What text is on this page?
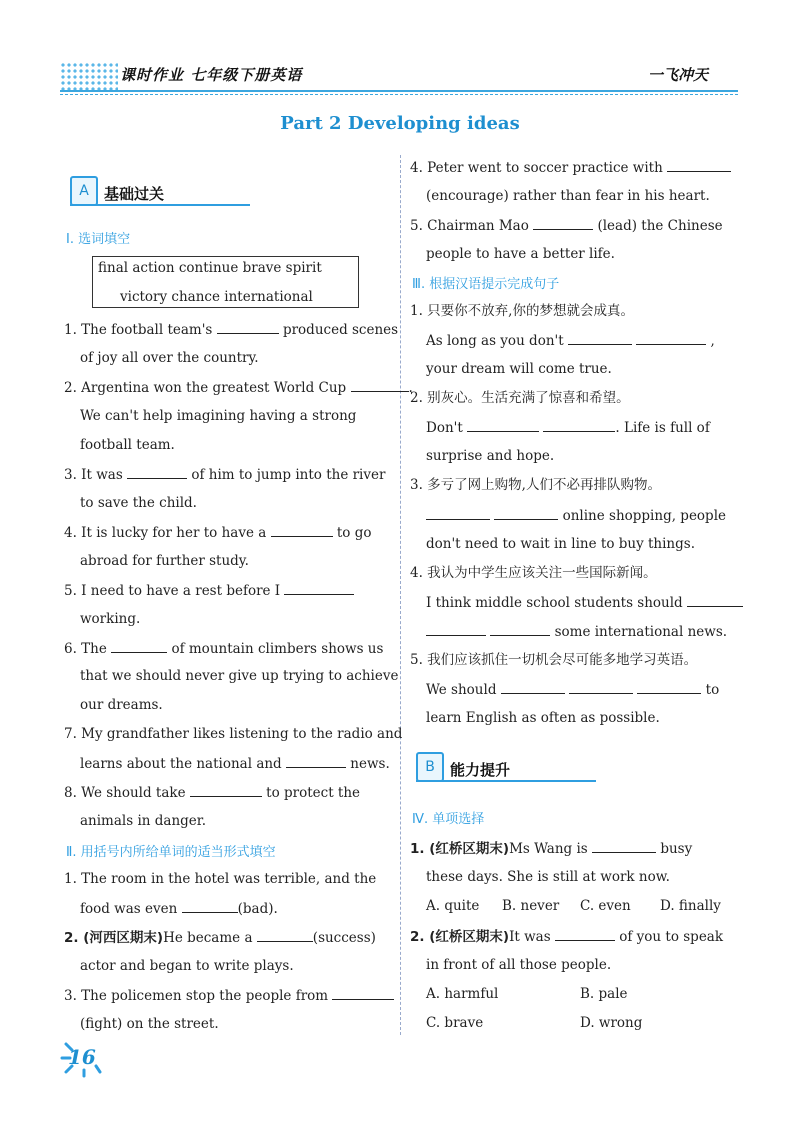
课时作业 七年级下册英语	一飞冲天
Part 2 Developing ideas
A	基础过关
Ⅰ. 选词填空
final action continue brave spirit
victory chance international
1. The football team's	produced scenes
of joy all over the country.
2. Argentina won the greatest World Cup	.
We can't help imagining having a strong
football team.
3. It was	of him to jump into the river
to save the child.
4. It is lucky for her to have a	to go
abroad for further study.
5. I need to have a rest before I
working.
6. The	of mountain climbers shows us
that we should never give up trying to achieve
our dreams.
7. My grandfather likes listening to the radio and
learns about the national and	news.
8. We should take	to protect the
animals in danger.
Ⅱ. 用括号内所给单词的适当形式填空
1. The room in the hotel was terrible, and the
food was even	(bad).
2. (河西区期末)He became a	(success)
actor and began to write plays.
3. The policemen stop the people from
(fight) on the street.
4. Peter went to soccer practice with
(encourage) rather than fear in his heart.
5. Chairman Mao	(lead) the Chinese
people to have a better life.
Ⅲ. 根据汉语提示完成句子
1. 只要你不放弃,你的梦想就会成真。
As long as you don't	,
your dream will come true.
2. 别灰心。生活充满了惊喜和希望。
Don't	. Life is full of
surprise and hope.
3. 多亏了网上购物,人们不必再排队购物。
online shopping, people
don't need to wait in line to buy things.
4. 我认为中学生应该关注一些国际新闻。
I think middle school students should
some international news.
5. 我们应该抓住一切机会尽可能多地学习英语。
We should	to
learn English as often as possible.
B	能力提升
Ⅳ. 单项选择
1. (红桥区期末)Ms Wang is	busy
these days. She is still at work now.
A. quite B. never C. even D. finally
2. (红桥区期末)It was	of you to speak
in front of all those people.
A. harmful	B. pale
C. brave	D. wrong
16
